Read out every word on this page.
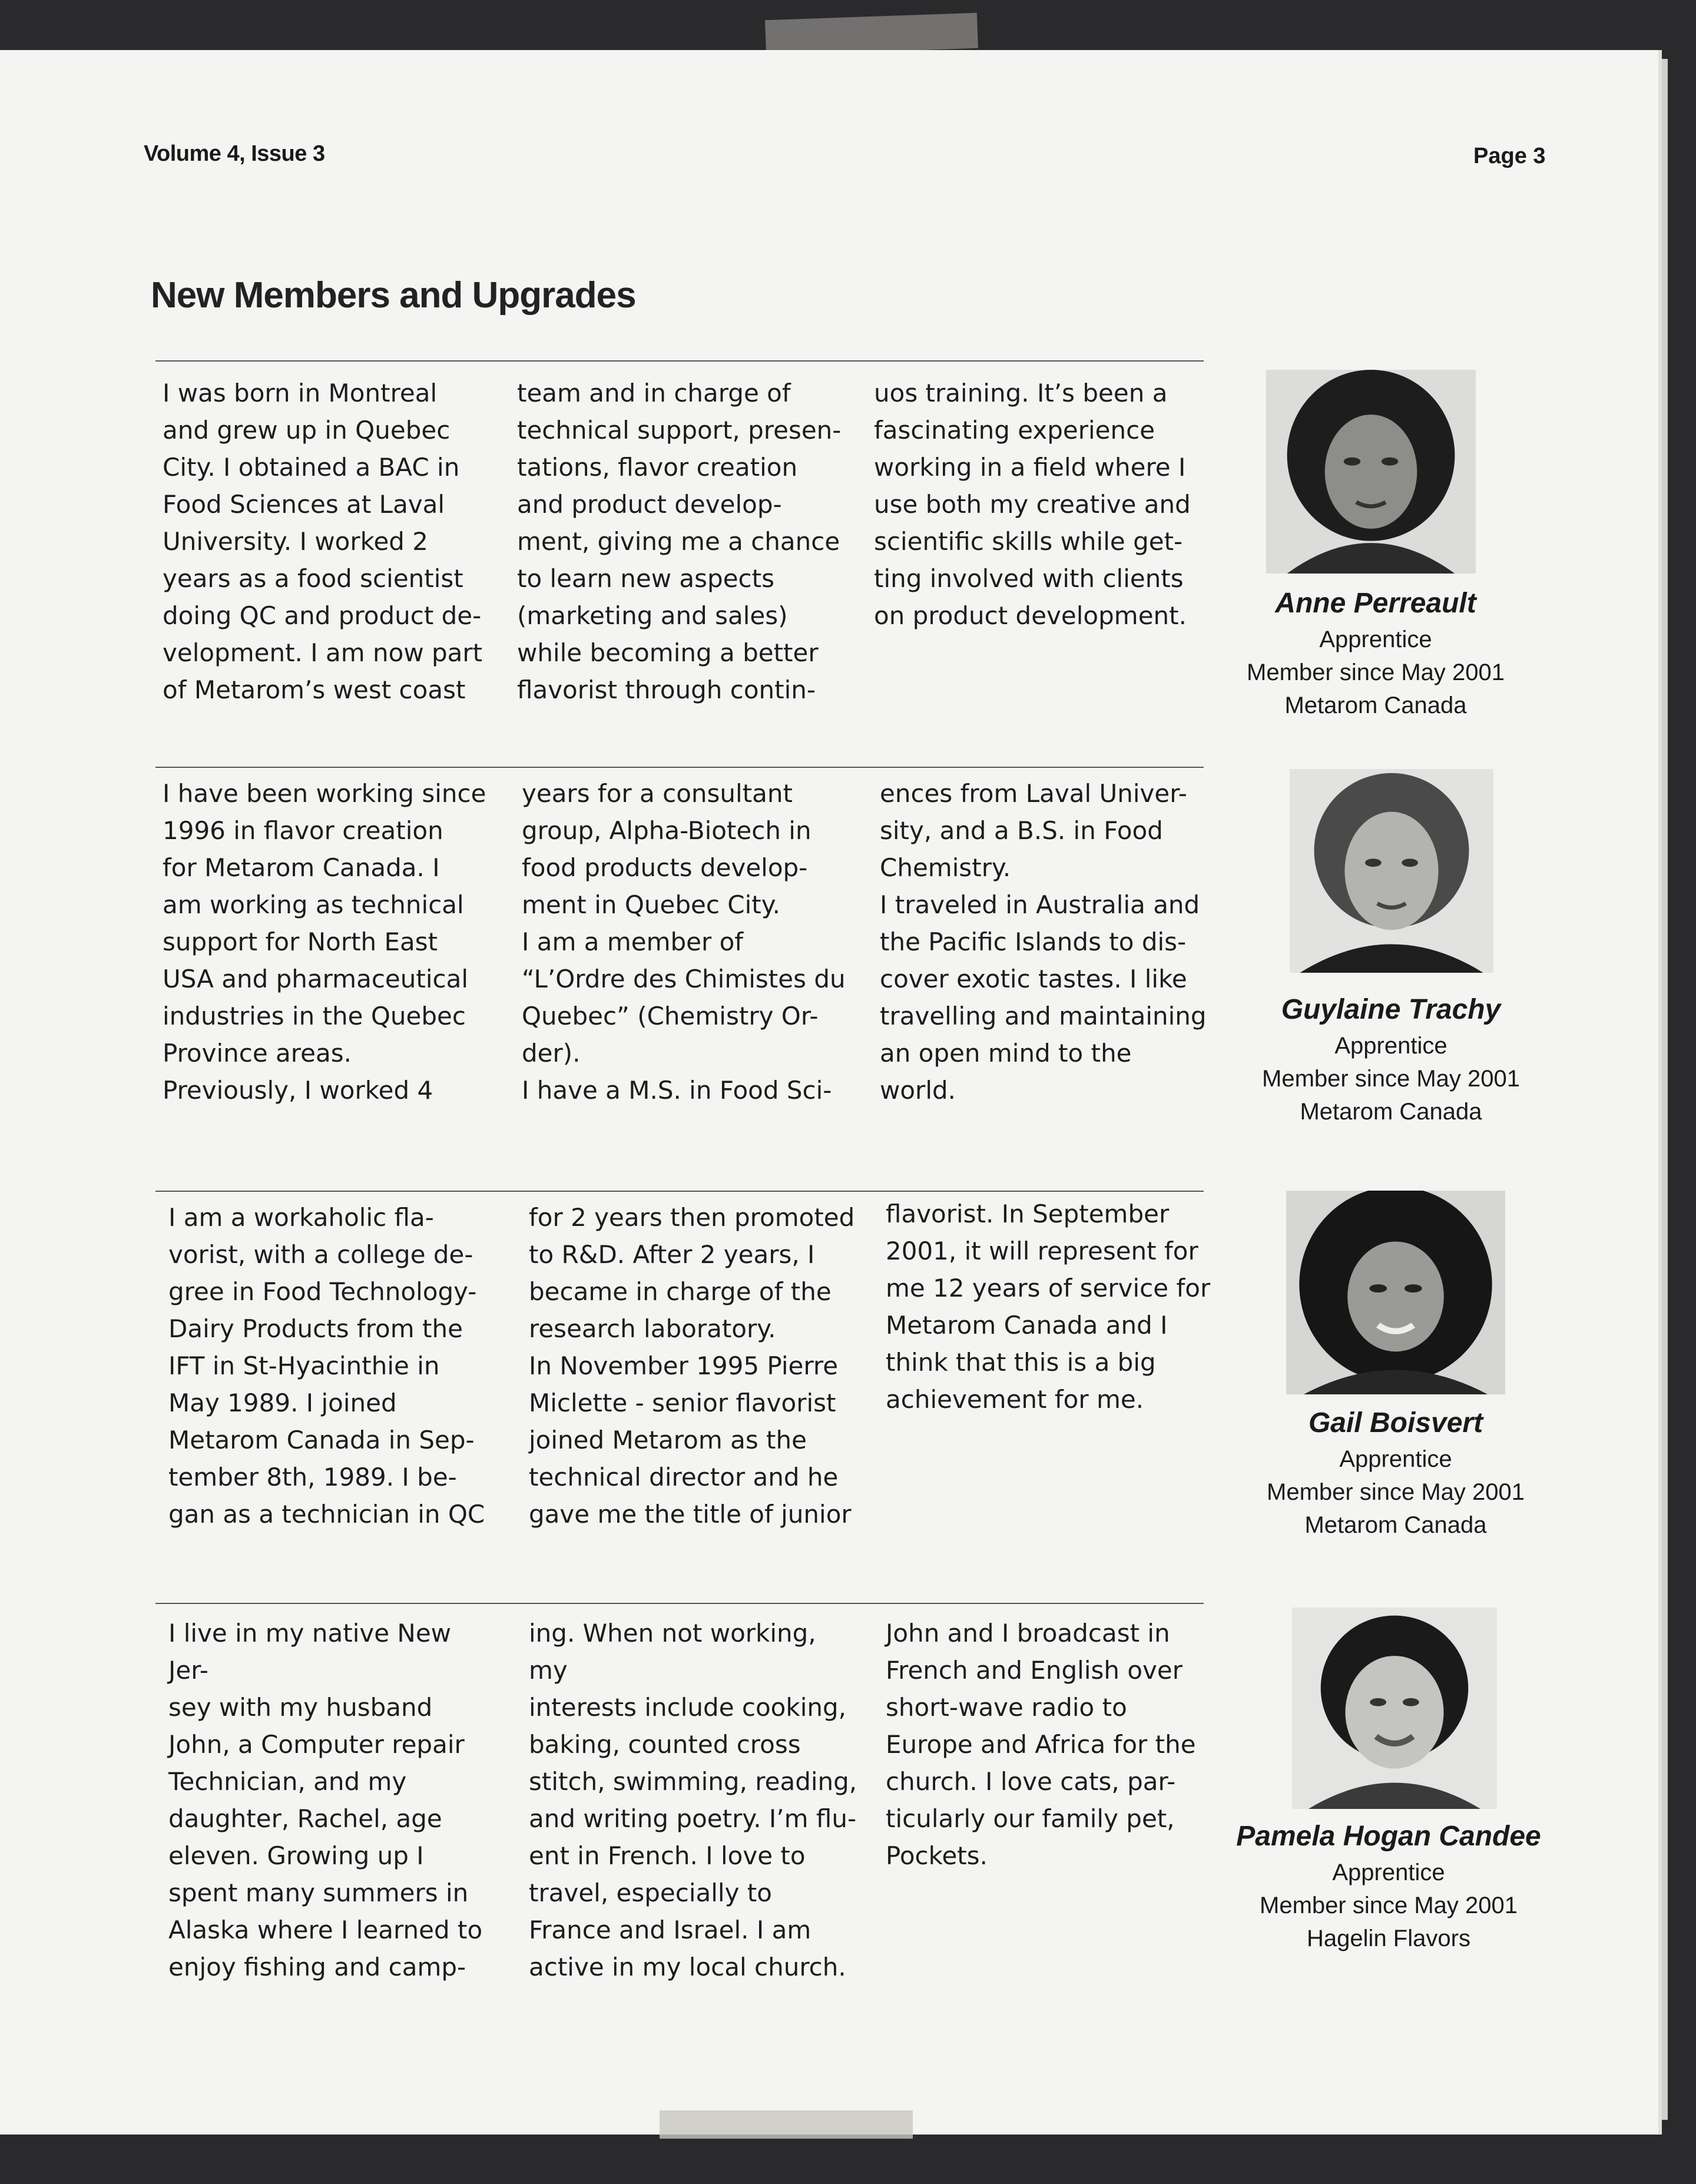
Volume 4, Issue 3	Page 3
New Members and Upgrades
I was born in Montreal
and grew up in Quebec
City. I obtained a BAC in
Food Sciences at Laval
University. I worked 2
years as a food scientist
doing QC and product de-
velopment. I am now part
of Metarom’s west coast
team and in charge of
technical support, presen-
tations, flavor creation
and product develop-
ment, giving me a chance
to learn new aspects
(marketing and sales)
while becoming a better
flavorist through contin-
uos training. It’s been a
fascinating experience
working in a field where I
use both my creative and
scientific skills while get-
ting involved with clients
on product development.	Anne Perreault
Apprentice
Member since May 2001
Metarom Canada
I have been working since
1996 in flavor creation
for Metarom Canada. I
am working as technical
support for North East
USA and pharmaceutical
industries in the Quebec
Province areas.
Previously, I worked 4
years for a consultant
group, Alpha-Biotech in
food products develop-
ment in Quebec City.
I am a member of
“L’Ordre des Chimistes du
Quebec” (Chemistry Or-
der).
I have a M.S. in Food Sci-
ences from Laval Univer-
sity, and a B.S. in Food
Chemistry.
I traveled in Australia and
the Pacific Islands to dis-
cover exotic tastes. I like
travelling and maintaining
an open mind to the
world.
Guylaine Trachy
Apprentice
Member since May 2001
Metarom Canada
I am a workaholic fla-
vorist, with a college de-
gree in Food Technology-
Dairy Products from the
IFT in St-Hyacinthie in
May 1989. I joined
Metarom Canada in Sep-
tember 8th, 1989. I be-
gan as a technician in QC
for 2 years then promoted
to R&D. After 2 years, I
became in charge of the
research laboratory.
In November 1995 Pierre
Miclette - senior flavorist
joined Metarom as the
technical director and he
gave me the title of junior
flavorist. In September
2001, it will represent for
me 12 years of service for
Metarom Canada and I
think that this is a big
achievement for me.
Gail Boisvert
Apprentice
Member since May 2001
Metarom Canada
I live in my native New Jer-
sey with my husband
John, a Computer repair
Technician, and my
daughter, Rachel, age
eleven. Growing up I
spent many summers in
Alaska where I learned to
enjoy fishing and camp-
ing. When not working, my
interests include cooking,
baking, counted cross
stitch, swimming, reading,
and writing poetry. I’m flu-
ent in French. I love to
travel, especially to
France and Israel. I am
active in my local church.
John and I broadcast in
French and English over
short-wave radio to
Europe and Africa for the
church. I love cats, par-
ticularly our family pet,
Pockets.
Pamela Hogan Candee
Apprentice
Member since May 2001
Hagelin Flavors
